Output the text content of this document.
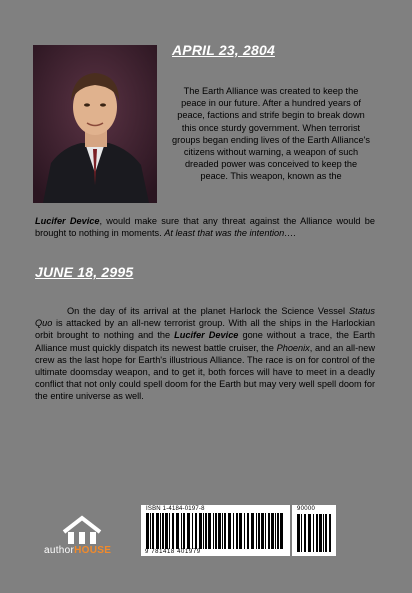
APRIL 23, 2804
The Earth Alliance was created to keep the peace in our future. After a hundred years of peace, factions and strife begin to break down this once sturdy government. When terrorist groups began ending lives of the Earth Alliance's citizens without warning, a weapon of such dreaded power was conceived to keep the peace. This weapon, known as the
Lucifer Device, would make sure that any threat against the Alliance would be brought to nothing in moments. At least that was the intention….
JUNE 18, 2995
On the day of its arrival at the planet Harlock the Science Vessel Status Quo is attacked by an all-new terrorist group. With all the ships in the Harlockian orbit brought to nothing and the Lucifer Device gone without a trace, the Earth Alliance must quickly dispatch its newest battle cruiser, the Phoenix, and an all-new crew as the last hope for Earth's illustrious Alliance. The race is on for control of the ultimate doomsday weapon, and to get it, both forces will have to meet in a deadly conflict that not only could spell doom for the Earth but may very well spell doom for the entire universe as well.
authorHOUSE
ISBN 1-4184-0197-8
9 781418 401979
90000
